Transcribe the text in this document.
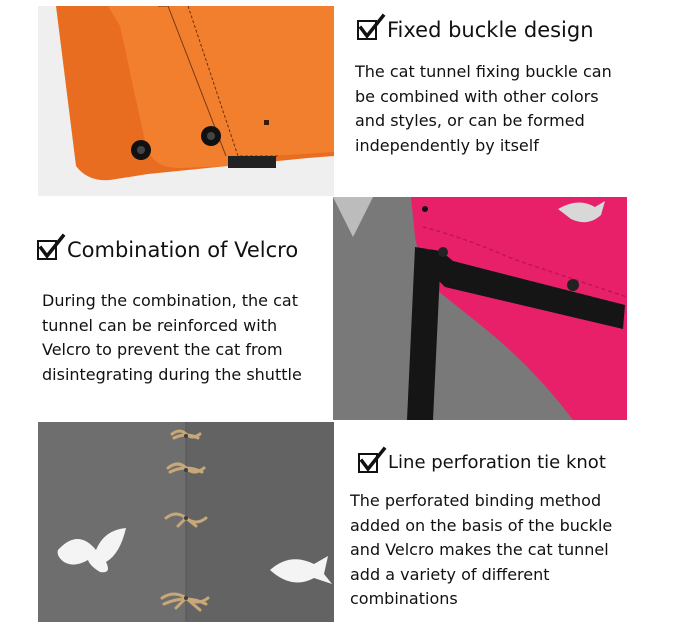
Fixed buckle design
The cat tunnel fixing buckle can
be combined with other colors
and styles, or can be formed
independently by itself
Combination of Velcro
During the combination, the cat
tunnel can be reinforced with
Velcro to prevent the cat from
disintegrating during the shuttle
Line perforation tie knot
The perforated binding method
added on the basis of the buckle
and Velcro makes the cat tunnel
add a variety of different
combinations
